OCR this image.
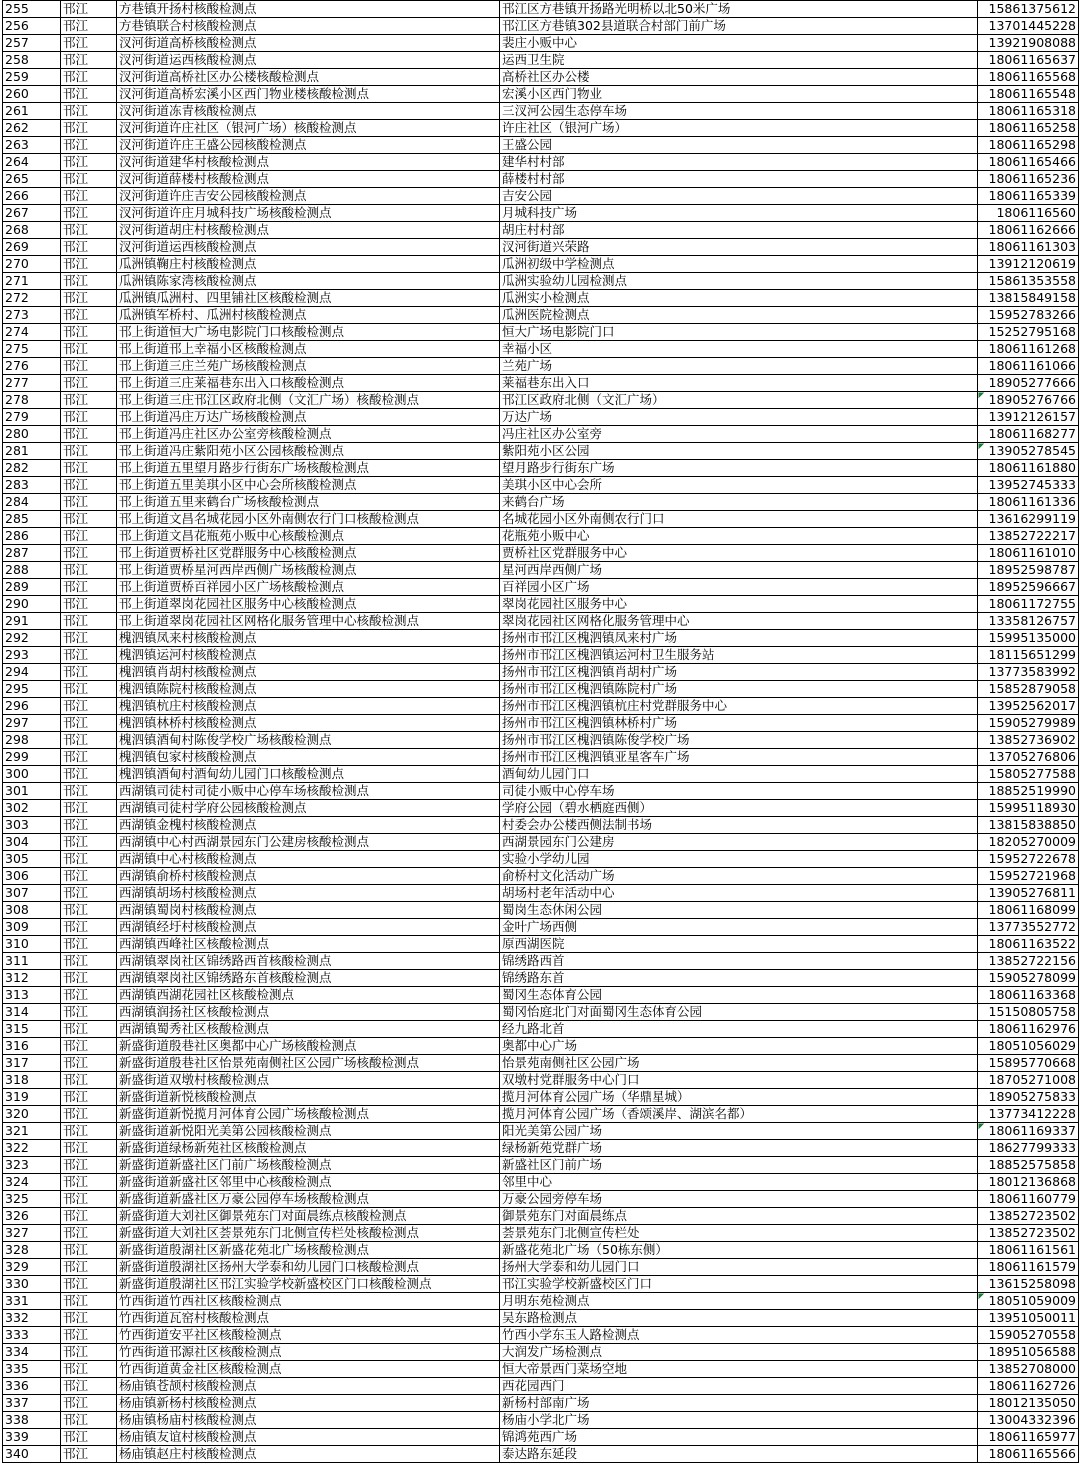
255	邗江	方巷镇开扬村核酸检测点	邗江区方巷镇开扬路光明桥以北50米广场	15861375612
256	邗江	方巷镇联合村核酸检测点	邗江区方巷镇302县道联合村部门前广场	13701445228
257	邗江	汊河街道高桥核酸检测点	裴庄小贩中心	13921908088
258	邗江	汊河街道运西核酸检测点	运西卫生院	18061165637
259	邗江	汊河街道高桥社区办公楼核酸检测点	高桥社区办公楼	18061165568
260	邗江	汊河街道高桥宏溪小区西门物业楼核酸检测点	宏溪小区西门物业	18061165548
261	邗江	汊河街道冻青核酸检测点	三汊河公园生态停车场	18061165318
262	邗江	汊河街道许庄社区（银河广场）核酸检测点	许庄社区（银河广场）	18061165258
263	邗江	汊河街道许庄王盛公园核酸检测点	王盛公园	18061165298
264	邗江	汊河街道建华村核酸检测点	建华村村部	18061165466
265	邗江	汊河街道薛楼村核酸检测点	薛楼村村部	18061165236
266	邗江	汊河街道许庄吉安公园核酸检测点	吉安公园	18061165339
267	邗江	汊河街道许庄月城科技广场核酸检测点	月城科技广场	1806116560
268	邗江	汊河街道胡庄村核酸检测点	胡庄村村部	18061162666
269	邗江	汊河街道运西核酸检测点	汊河街道兴荣路	18061161303
270	邗江	瓜洲镇鞠庄村核酸检测点	瓜洲初级中学检测点	13912120619
271	邗江	瓜洲镇陈家湾核酸检测点	瓜洲实验幼儿园检测点	15861353558
272	邗江	瓜洲镇瓜洲村、四里铺社区核酸检测点	瓜洲实小检测点	13815849158
273	邗江	瓜洲镇军桥村、瓜洲村核酸检测点	瓜洲医院检测点	15952783266
274	邗江	邗上街道恒大广场电影院门口核酸检测点	恒大广场电影院门口	15252795168
275	邗江	邗上街道邗上幸福小区核酸检测点	幸福小区	18061161268
276	邗江	邗上街道三庄兰苑广场核酸检测点	兰苑广场	18061161066
277	邗江	邗上街道三庄莱福巷东出入口核酸检测点	莱福巷东出入口	18905277666
278	邗江	邗上街道三庄邗江区政府北侧（文汇广场）核酸检测点	邗江区政府北侧（文汇广场）	18905276766
279	邗江	邗上街道冯庄万达广场核酸检测点	万达广场	13912126157
280	邗江	邗上街道冯庄社区办公室旁核酸检测点	冯庄社区办公室旁	18061168277
281	邗江	邗上街道冯庄紫阳苑小区公园核酸检测点	紫阳苑小区公园	13905278545
282	邗江	邗上街道五里望月路步行街东广场核酸检测点	望月路步行街东广场	18061161880
283	邗江	邗上街道五里美琪小区中心会所核酸检测点	美琪小区中心会所	13952745333
284	邗江	邗上街道五里来鹤台广场核酸检测点	来鹤台广场	18061161336
285	邗江	邗上街道文昌名城花园小区外南侧农行门口核酸检测点	名城花园小区外南侧农行门口	13616299119
286	邗江	邗上街道文昌花瓶苑小贩中心核酸检测点	花瓶苑小贩中心	13852722217
287	邗江	邗上街道贾桥社区党群服务中心核酸检测点	贾桥社区党群服务中心	18061161010
288	邗江	邗上街道贾桥星河西岸西侧广场核酸检测点	星河西岸西侧广场	18952598787
289	邗江	邗上街道贾桥百祥园小区广场核酸检测点	百祥园小区广场	18952596667
290	邗江	邗上街道翠岗花园社区服务中心核酸检测点	翠岗花园社区服务中心	18061172755
291	邗江	邗上街道翠岗花园社区网格化服务管理中心核酸检测点	翠岗花园社区网格化服务管理中心	13358126757
292	邗江	槐泗镇凤来村核酸检测点	扬州市邗江区槐泗镇凤来村广场	15995135000
293	邗江	槐泗镇运河村核酸检测点	扬州市邗江区槐泗镇运河村卫生服务站	18115651299
294	邗江	槐泗镇肖胡村核酸检测点	扬州市邗江区槐泗镇肖胡村广场	13773583992
295	邗江	槐泗镇陈院村核酸检测点	扬州市邗江区槐泗镇陈院村广场	15852879058
296	邗江	槐泗镇杭庄村核酸检测点	扬州市邗江区槐泗镇杭庄村党群服务中心	13952562017
297	邗江	槐泗镇林桥村核酸检测点	扬州市邗江区槐泗镇林桥村广场	15905279989
298	邗江	槐泗镇酒甸村陈俊学校广场核酸检测点	扬州市邗江区槐泗镇陈俊学校广场	13852736902
299	邗江	槐泗镇包家村核酸检测点	扬州市邗江区槐泗镇亚星客车广场	13705276806
300	邗江	槐泗镇酒甸村酒甸幼儿园门口核酸检测点	酒甸幼儿园门口	15805277588
301	邗江	西湖镇司徒村司徒小贩中心停车场核酸检测点	司徒小贩中心停车场	18852519990
302	邗江	西湖镇司徒村学府公园核酸检测点	学府公园（碧水栖庭西侧）	15995118930
303	邗江	西湖镇金槐村核酸检测点	村委会办公楼西侧法制书场	13815838850
304	邗江	西湖镇中心村西湖景园东门公建房核酸检测点	西湖景园东门公建房	18205270009
305	邗江	西湖镇中心村核酸检测点	实验小学幼儿园	15952722678
306	邗江	西湖镇俞桥村核酸检测点	俞桥村文化活动广场	15952721968
307	邗江	西湖镇胡场村核酸检测点	胡场村老年活动中心	13905276811
308	邗江	西湖镇蜀岗村核酸检测点	蜀岗生态休闲公园	18061168099
309	邗江	西湖镇经圩村核酸检测点	金叶广场西侧	13773552772
310	邗江	西湖镇西峰社区核酸检测点	原西湖医院	18061163522
311	邗江	西湖镇翠岗社区锦绣路西首核酸检测点	锦绣路西首	13852722156
312	邗江	西湖镇翠岗社区锦绣路东首核酸检测点	锦绣路东首	15905278099
313	邗江	西湖镇西湖花园社区核酸检测点	蜀冈生态体育公园	18061163368
314	邗江	西湖镇润扬社区核酸检测点	蜀冈怡庭北门对面蜀冈生态体育公园	15150805758
315	邗江	西湖镇蜀秀社区核酸检测点	经九路北首	18061162976
316	邗江	新盛街道殷巷社区奥都中心广场核酸检测点	奥都中心广场	18051056029
317	邗江	新盛街道殷巷社区怡景苑南侧社区公园广场核酸检测点	怡景苑南侧社区公园广场	15895770668
318	邗江	新盛街道双墩村核酸检测点	双墩村党群服务中心门口	18705271008
319	邗江	新盛街道新悦核酸检测点	揽月河体育公园广场（华鼎星城）	18905275833
320	邗江	新盛街道新悦揽月河体育公园广场核酸检测点	揽月河体育公园广场（香颂溪岸、湖滨名都）	13773412228
321	邗江	新盛街道新悦阳光美第公园核酸检测点	阳光美第公园广场	18061169337
322	邗江	新盛街道绿杨新苑社区核酸检测点	绿杨新苑党群广场	18627799333
323	邗江	新盛街道新盛社区门前广场核酸检测点	新盛社区门前广场	18852575858
324	邗江	新盛街道新盛社区邻里中心核酸检测点	邻里中心	18012136868
325	邗江	新盛街道新盛社区万豪公园停车场核酸检测点	万豪公园旁停车场	18061160779
326	邗江	新盛街道大刘社区御景苑东门对面晨练点核酸检测点	御景苑东门对面晨练点	13852723502
327	邗江	新盛街道大刘社区荟景苑东门北侧宣传栏处核酸检测点	荟景苑东门北侧宣传栏处	13852723502
328	邗江	新盛街道殷湖社区新盛花苑北广场核酸检测点	新盛花苑北广场（50栋东侧）	18061161561
329	邗江	新盛街道殷湖社区扬州大学泰和幼儿园门口核酸检测点	扬州大学泰和幼儿园门口	18061161579
330	邗江	新盛街道殷湖社区邗江实验学校新盛校区门口核酸检测点	邗江实验学校新盛校区门口	13615258098
331	邗江	竹西街道竹西社区核酸检测点	月明东苑检测点	18051059009
332	邗江	竹西街道瓦窑村核酸检测点	吴东路检测点	13951050011
333	邗江	竹西街道安平社区核酸检测点	竹西小学东玉人路检测点	15905270558
334	邗江	竹西街道邗源社区核酸检测点	大润发广场检测点	18951056588
335	邗江	竹西街道黄金社区核酸检测点	恒大帝景西门菜场空地	13852708000
336	邗江	杨庙镇苍颉村核酸检测点	西花园西门	18061162726
337	邗江	杨庙镇新杨村核酸检测点	新杨村部南广场	18012135050
338	邗江	杨庙镇杨庙村核酸检测点	杨庙小学北广场	13004332396
339	邗江	杨庙镇友谊村核酸检测点	锦鸿苑西广场	18061165977
340	邗江	杨庙镇赵庄村核酸检测点	泰达路东延段	18061165566
